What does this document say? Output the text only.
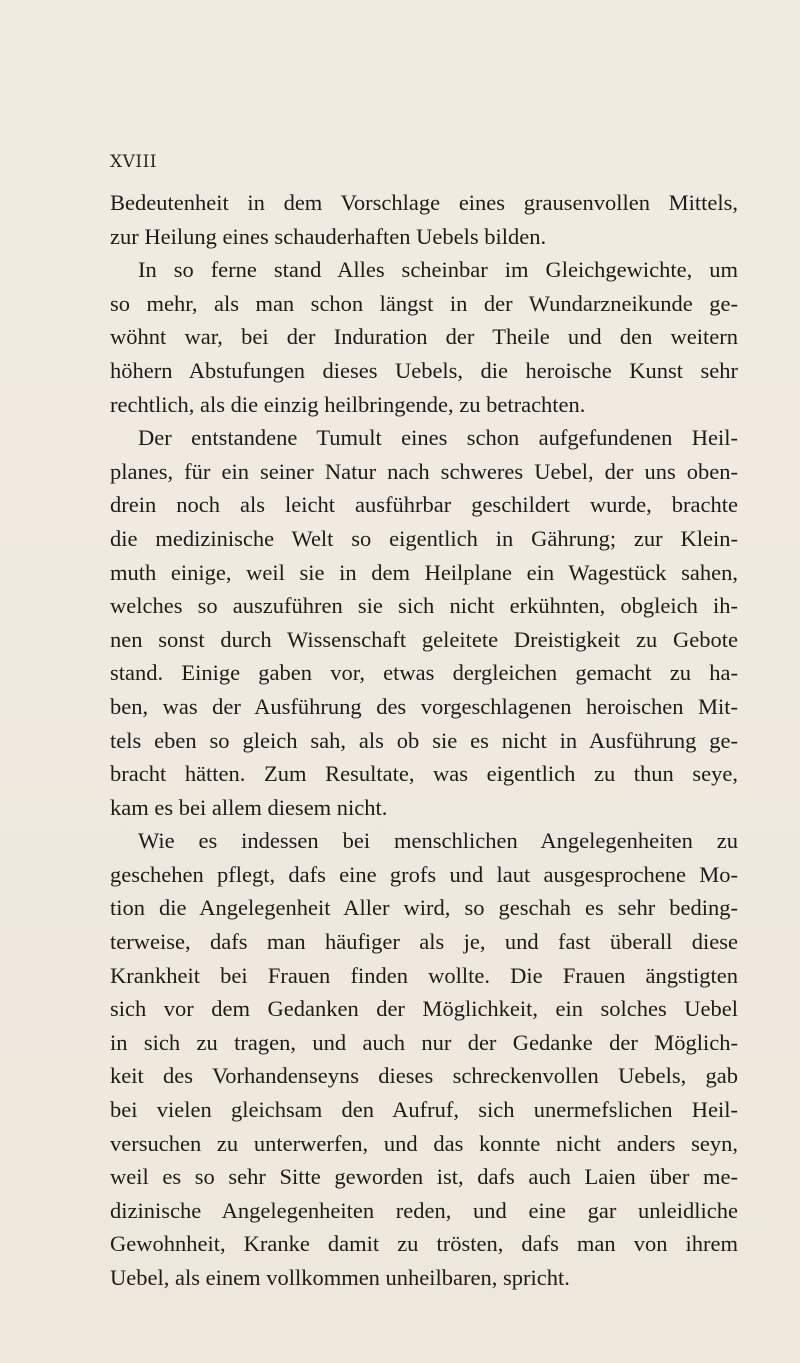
XVIII
Bedeutenheit in dem Vorschlage eines grausenvollen Mittels,
zur Heilung eines schauderhaften Uebels bilden.
In so ferne stand Alles scheinbar im Gleichgewichte, um
so mehr, als man schon längst in der Wundarzneikunde ge-
wöhnt war, bei der Induration der Theile und den weitern
höhern Abstufungen dieses Uebels, die heroische Kunst sehr
rechtlich, als die einzig heilbringende, zu betrachten.
Der entstandene Tumult eines schon aufgefundenen Heil-
planes, für ein seiner Natur nach schweres Uebel, der uns oben-
drein noch als leicht ausführbar geschildert wurde, brachte
die medizinische Welt so eigentlich in Gährung; zur Klein-
muth einige, weil sie in dem Heilplane ein Wagestück sahen,
welches so auszuführen sie sich nicht erkühnten, obgleich ih-
nen sonst durch Wissenschaft geleitete Dreistigkeit zu Gebote
stand. Einige gaben vor, etwas dergleichen gemacht zu ha-
ben, was der Ausführung des vorgeschlagenen heroischen Mit-
tels eben so gleich sah, als ob sie es nicht in Ausführung ge-
bracht hätten. Zum Resultate, was eigentlich zu thun seye,
kam es bei allem diesem nicht.
Wie es indessen bei menschlichen Angelegenheiten zu
geschehen pflegt, dafs eine grofs und laut ausgesprochene Mo-
tion die Angelegenheit Aller wird, so geschah es sehr beding-
terweise, dafs man häufiger als je, und fast überall diese
Krankheit bei Frauen finden wollte. Die Frauen ängstigten
sich vor dem Gedanken der Möglichkeit, ein solches Uebel
in sich zu tragen, und auch nur der Gedanke der Möglich-
keit des Vorhandenseyns dieses schreckenvollen Uebels, gab
bei vielen gleichsam den Aufruf, sich unermefslichen Heil-
versuchen zu unterwerfen, und das konnte nicht anders seyn,
weil es so sehr Sitte geworden ist, dafs auch Laien über me-
dizinische Angelegenheiten reden, und eine gar unleidliche
Gewohnheit, Kranke damit zu trösten, dafs man von ihrem
Uebel, als einem vollkommen unheilbaren, spricht.
